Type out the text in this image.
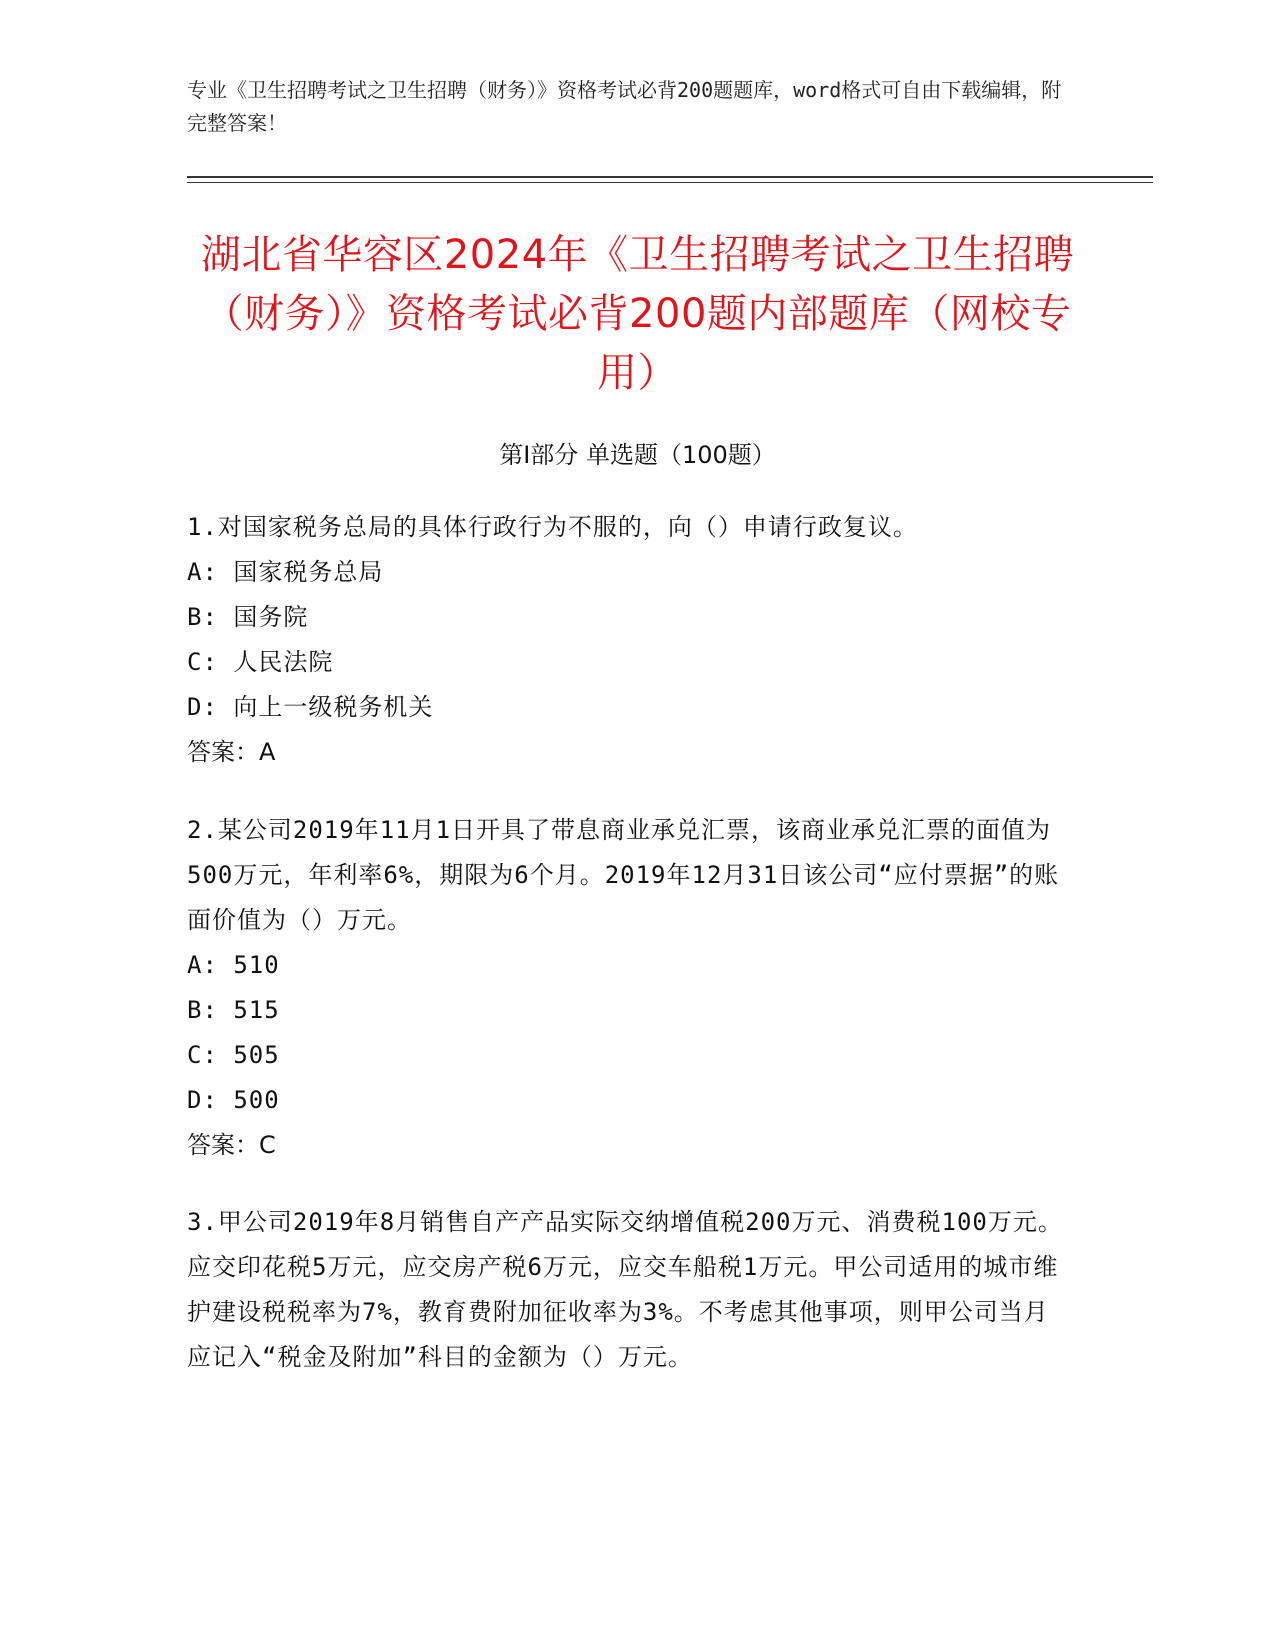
专业《卫生招聘考试之卫生招聘（财务）》资格考试必背200题题库，word格式可自由下载编辑，附完整答案！
湖北省华容区2024年《卫生招聘考试之卫生招聘（财务）》资格考试必背200题内部题库（网校专用）
第I部分 单选题（100题）

1.对国家税务总局的具体行政行为不服的，向（）申请行政复议。

A: 国家税务总局

B: 国务院

C: 人民法院

D: 向上一级税务机关

答案：A

2.某公司2019年11月1日开具了带息商业承兑汇票，该商业承兑汇票的面值为500万元，年利率6%，期限为6个月。2019年12月31日该公司“应付票据”的账面价值为（）万元。

A: 510

B: 515

C: 505

D: 500

答案：C

3.甲公司2019年8月销售自产产品实际交纳增值税200万元、消费税100万元。应交印花税5万元，应交房产税6万元，应交车船税1万元。甲公司适用的城市维护建设税税率为7%，教育费附加征收率为3%。不考虑其他事项，则甲公司当月应记入“税金及附加”科目的金额为（）万元。
